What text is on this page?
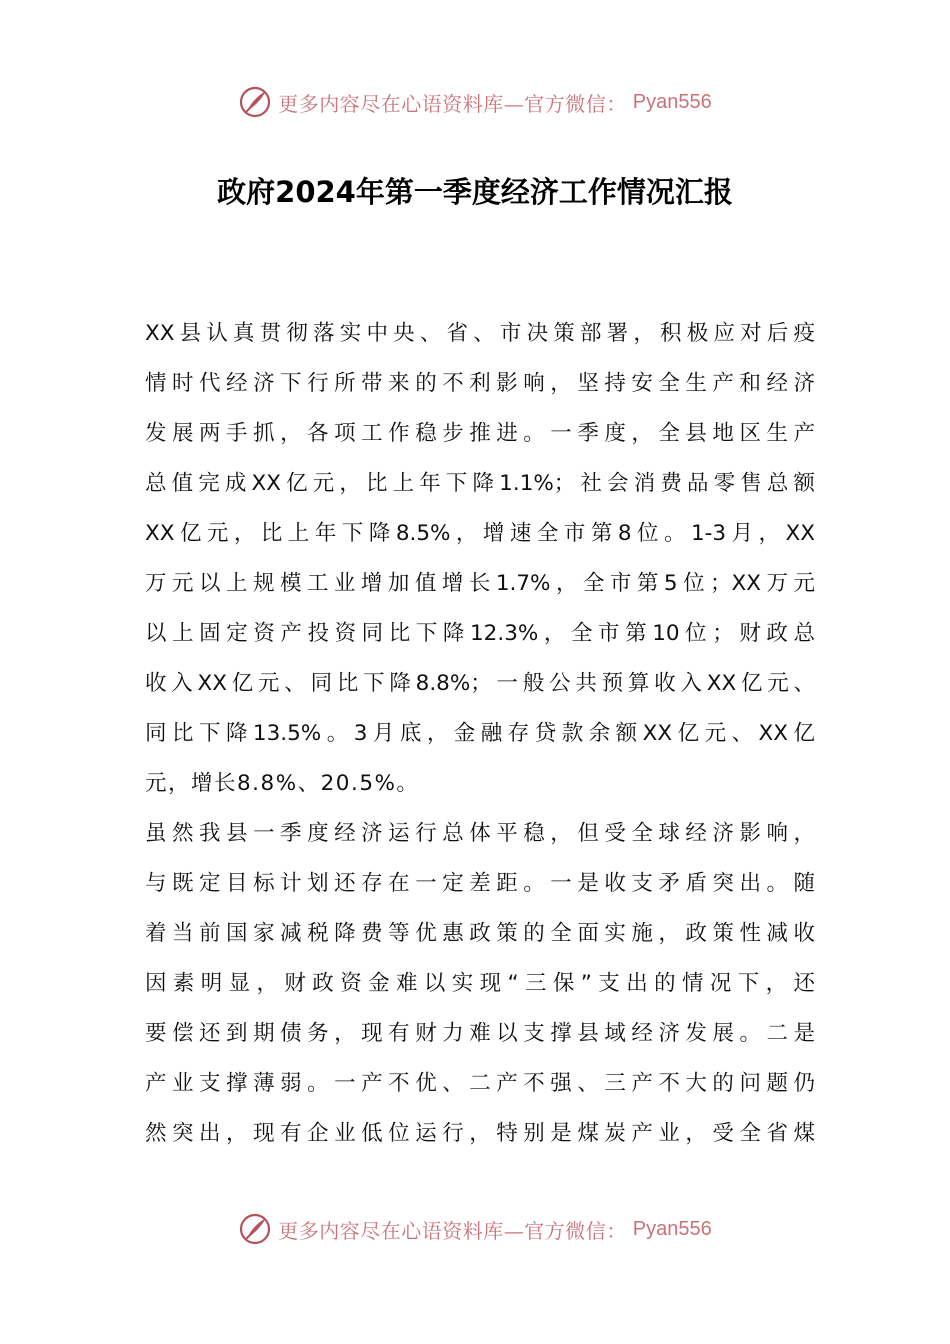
更多内容尽在心语资料库—官方微信： Pyan556
政府2024年第一季度经济工作情况汇报
XX县认真贯彻落实中央、省、市决策部署，积极应对后疫
情时代经济下行所带来的不利影响，坚持安全生产和经济
发展两手抓，各项工作稳步推进。一季度，全县地区生产
总值完成XX亿元，比上年下降1.1%；社会消费品零售总额
XX亿元，比上年下降8.5%，增速全市第8位。1-3月，XX
万元以上规模工业增加值增长1.7%，全市第5位；XX万元
以上固定资产投资同比下降12.3%，全市第10位；财政总
收入XX亿元、同比下降8.8%；一般公共预算收入XX亿元、
同比下降13.5%。3月底，金融存贷款余额XX亿元、XX亿
元，增长8.8%、20.5%。
虽然我县一季度经济运行总体平稳，但受全球经济影响，
与既定目标计划还存在一定差距。一是收支矛盾突出。随
着当前国家减税降费等优惠政策的全面实施，政策性减收
因素明显，财政资金难以实现“三保”支出的情况下，还
要偿还到期债务，现有财力难以支撑县域经济发展。二是
产业支撑薄弱。一产不优、二产不强、三产不大的问题仍
然突出，现有企业低位运行，特别是煤炭产业，受全省煤
更多内容尽在心语资料库—官方微信： Pyan556
